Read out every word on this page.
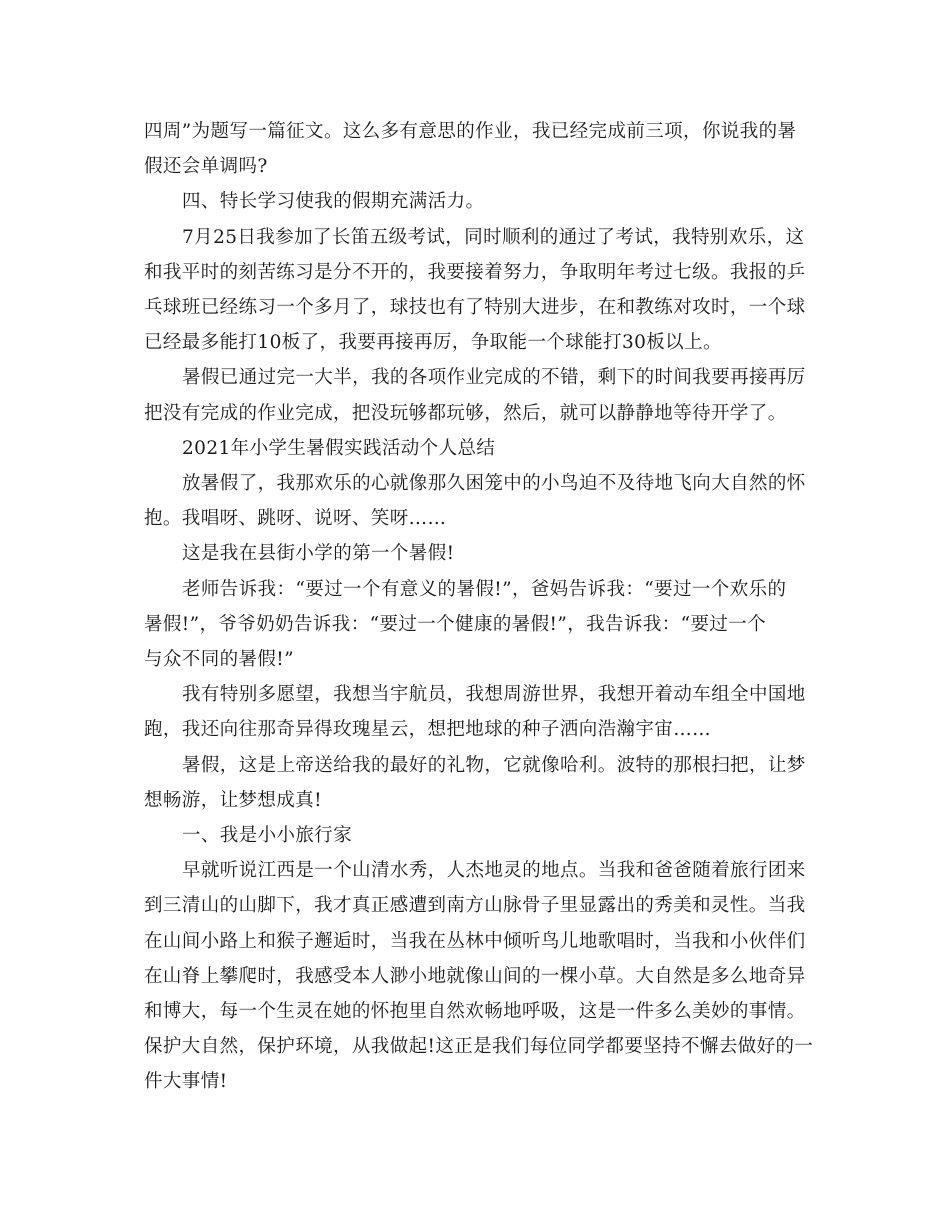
四周”为题写一篇征文。这么多有意思的作业，我已经完成前三项，你说我的暑
假还会单调吗?
四、特长学习使我的假期充满活力。
7月25日我参加了长笛五级考试，同时顺利的通过了考试，我特别欢乐，这
和我平时的刻苦练习是分不开的，我要接着努力，争取明年考过七级。我报的乒
乓球班已经练习一个多月了，球技也有了特别大进步，在和教练对攻时，一个球
已经最多能打10板了，我要再接再厉，争取能一个球能打30板以上。
暑假已通过完一大半，我的各项作业完成的不错，剩下的时间我要再接再厉
把没有完成的作业完成，把没玩够都玩够，然后，就可以静静地等待开学了。
2021年小学生暑假实践活动个人总结
放暑假了，我那欢乐的心就像那久困笼中的小鸟迫不及待地飞向大自然的怀
抱。我唱呀、跳呀、说呀、笑呀……
这是我在县街小学的第一个暑假!
老师告诉我：“要过一个有意义的暑假!”，爸妈告诉我：“要过一个欢乐的
暑假!”，爷爷奶奶告诉我：“要过一个健康的暑假!”，我告诉我：“要过一个
与众不同的暑假!”
我有特别多愿望，我想当宇航员，我想周游世界，我想开着动车组全中国地
跑，我还向往那奇异得玫瑰星云，想把地球的种子洒向浩瀚宇宙……
暑假，这是上帝送给我的最好的礼物，它就像哈利。波特的那根扫把，让梦
想畅游，让梦想成真!
一、我是小小旅行家
早就听说江西是一个山清水秀，人杰地灵的地点。当我和爸爸随着旅行团来
到三清山的山脚下，我才真正感遭到南方山脉骨子里显露出的秀美和灵性。当我
在山间小路上和猴子邂逅时，当我在丛林中倾听鸟儿地歌唱时，当我和小伙伴们
在山脊上攀爬时，我感受本人渺小地就像山间的一棵小草。大自然是多么地奇异
和博大，每一个生灵在她的怀抱里自然欢畅地呼吸，这是一件多么美妙的事情。
保护大自然，保护环境，从我做起!这正是我们每位同学都要坚持不懈去做好的一
件大事情!
